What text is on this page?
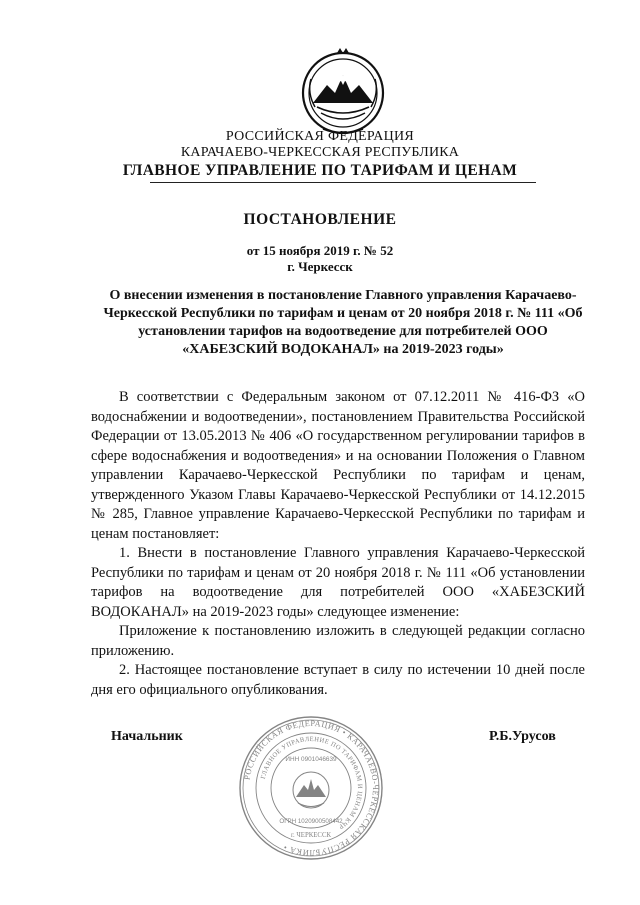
РОССИЙСКАЯ ФЕДЕРАЦИЯ
КАРАЧАЕВО-ЧЕРКЕССКАЯ РЕСПУБЛИКА
ГЛАВНОЕ УПРАВЛЕНИЕ ПО ТАРИФАМ И ЦЕНАМ
ПОСТАНОВЛЕНИЕ
от 15 ноября 2019 г. № 52
г. Черкесск
О внесении изменения в постановление Главного управления Карачаево-Черкесской Республики по тарифам и ценам от 20 ноября 2018 г. № 111 «Об установлении тарифов на водоотведение для потребителей ООО «ХАБЕЗСКИЙ ВОДОКАНАЛ» на 2019-2023 годы»

В соответствии с Федеральным законом от 07.12.2011 № 416-ФЗ «О водоснабжении и водоотведении», постановлением Правительства Российской Федерации от 13.05.2013 № 406 «О государственном регулировании тарифов в сфере водоснабжения и водоотведения» и на основании Положения о Главном управлении Карачаево-Черкесской Республики по тарифам и ценам, утвержденного Указом Главы Карачаево-Черкесской Республики от 14.12.2015 № 285, Главное управление Карачаево-Черкесской Республики по тарифам и ценам постановляет:

1. Внести в постановление Главного управления Карачаево-Черкесской Республики по тарифам и ценам от 20 ноября 2018 г. № 111 «Об установлении тарифов на водоотведение для потребителей ООО «ХАБЕЗСКИЙ ВОДОКАНАЛ» на 2019-2023 годы» следующее изменение:

Приложение к постановлению изложить в следующей редакции согласно приложению.

2. Настоящее постановление вступает в силу по истечении 10 дней после дня его официального опубликования.

Начальник	Р.Б.Урусов
РОССИЙСКАЯ ФЕДЕРАЦИЯ • КАРАЧАЕВО-ЧЕРКЕССКАЯ РЕСПУБЛИКА •
ГЛАВНОЕ УПРАВЛЕНИЕ ПО ТАРИФАМ И ЦЕНАМ КЧР
ИНН 0901046639
ОГРН 1020900508442
г. ЧЕРКЕССК
